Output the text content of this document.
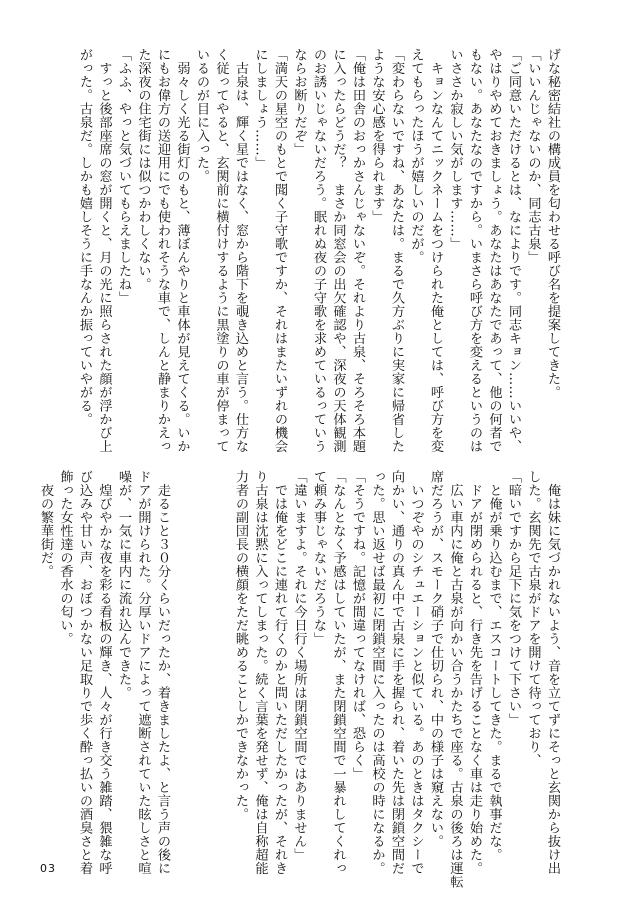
げな秘密結社の構成員を匂わせる呼び名を提案してきた。

「いいんじゃないのか、同志古泉」

「ご同意いただけるとは、なによりです。同志キョン……いいや、

やはりやめておきましょう。あなたはあなたであって、他の何者で

もない。あなたなのですから。いまさら呼び方を変えるというのは

いささか寂しい気がします……」

　キョンなんてニックネームをつけられた俺としては、呼び方を変

えてもらったほうが嬉しいのだが。

「変わらないですね、あなたは。まるで久方ぶりに実家に帰省した

ような安心感を得られます」

「俺は田舎のおっかさんじゃないぞ。それより古泉、そろそろ本題

に入ったらどうだ？　まさか同窓会の出欠確認や、深夜の天体観測

のお誘いじゃないだろう。眠れぬ夜の子守歌を求めているっていう

ならお断りだぞ」

「満天の星空のもとで聞く子守歌ですか、それはまたいずれの機会

にしましょう……」

　古泉は、輝く星ではなく、窓から階下を覗き込めと言う。仕方な

く従ってやると、玄関前に横付けするように黒塗りの車が停まって

いるのが目に入った。

　弱々しく光る街灯のもと、薄ぼんやりと車体が見えてくる。いか

にもお偉方の送迎用にでも使われそうな車で、しんと静まりかえっ

た深夜の住宅街には似つかわしくない。

「ふふ、やっと気づいてもらえましたね」

　すっと後部座席の窓が開くと、月の光に照らされた顔が浮かび上

がった。古泉だ。しかも嬉しそうに手なんか振っていやがる。

　俺は妹に気づかれないよう、音を立てずにそっと玄関から抜け出

した。玄関先で古泉がドアを開けて待っており、

「暗いですから足下に気をつけて下さい」

　と俺が乗り込むまで、エスコートしてきた。まるで執事だな。

　ドアが閉められると、行き先を告げることなく車は走り始めた。

　広い車内に俺と古泉が向かい合うかたちで座る。古泉の後ろは運転

席だろうが、スモーク硝子で仕切られ、中の様子は窺えない。

　いつぞやのシチュエーションと似ている。あのときはタクシーで

向かい、通りの真ん中で古泉に手を握られ、着いた先は閉鎖空間だ

った。思い返せば最初に閉鎖空間に入ったのは高校の時になるか。

「そうですね。記憶が間違ってなければ、恐らく」

「なんとなく予感はしていたが、また閉鎖空間で一暴れしてくれっ

て頼み事じゃないだろうな」

「違いますよ。それに今日行く場所は閉鎖空間ではありません」

　では俺をどこに連れて行くのかと問いただしたかったが、それき

り古泉は沈黙に入ってしまった。続く言葉を発せず、俺は自称超能

力者の副団長の横顔をただ眺めることしかできなかった。

　走ること３０分くらいだったか、着きましたよ、と言う声の後に

ドアが開けられた。分厚いドアによって遮断されていた眩しさと喧

噪が、一気に車内に流れ込んできた。

　煌びやかな夜を彩る看板の輝き、人々が行き交う雑踏、猥雑な呼

び込みや甘い声、おぼつかない足取りで歩く酔っ払いの酒臭さと着

飾った女性達の香水の匂い。

　夜の繁華街だ。

03
